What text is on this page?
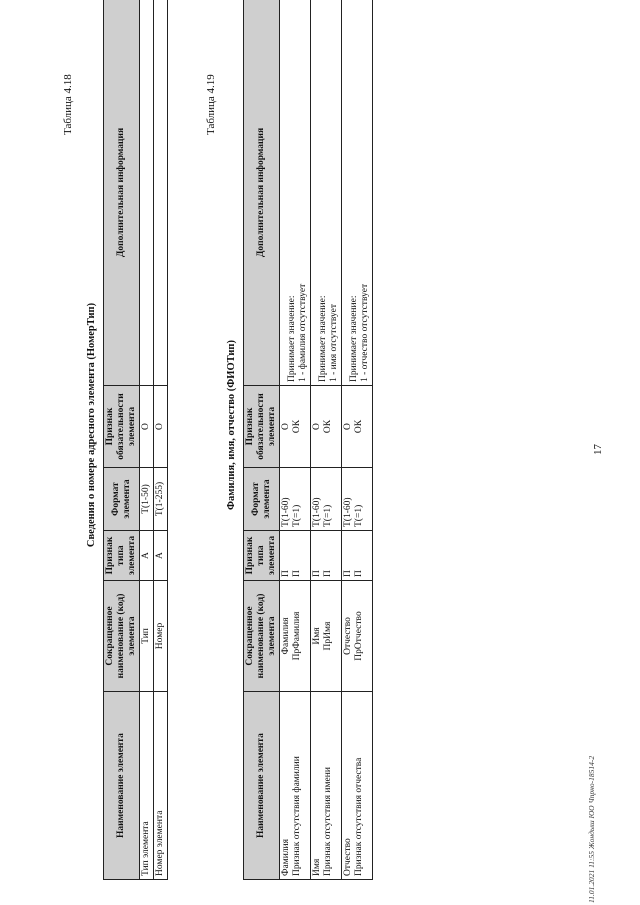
17
Таблица 4.18
Сведения о номере адресного элемента (НомерТип)
Наименование элемента	Сокращенное наименование (код) элемента	Признак типа элемента	Формат элемента	Признак обязательности элемента	Дополнительная информация
Тип элемента	Тип	А	T(1-50)	О	
Номер элемента	Номер	А	T(1-255)	О	
Таблица 4.19
Фамилия, имя, отчество (ФИОТип)
Наименование элемента	Сокращенное наименование (код) элемента	Признак типа элемента	Формат элемента	Признак обязательности элемента	Дополнительная информация

Фамилия Признак отсутствия фамилии	Фамилия ПрФамилия	П П	T(1-60) T(=1)	О ОК	Принимает значение: 1 - фамилия отсутствует

Имя Признак отсутствия имени	Имя ПрИмя	П П	T(1-60) T(=1)	О ОК	Принимает значение: 1 - имя отсутствует

Отчество Признак отсутствия отчества	Отчество ПрОтчество	П П	T(1-60) T(=1)	О ОК	Принимает значение: 1 - отчество отсутствует
11.01.2021 11:55 Жондыш ЮО Чпрно-18514-2
